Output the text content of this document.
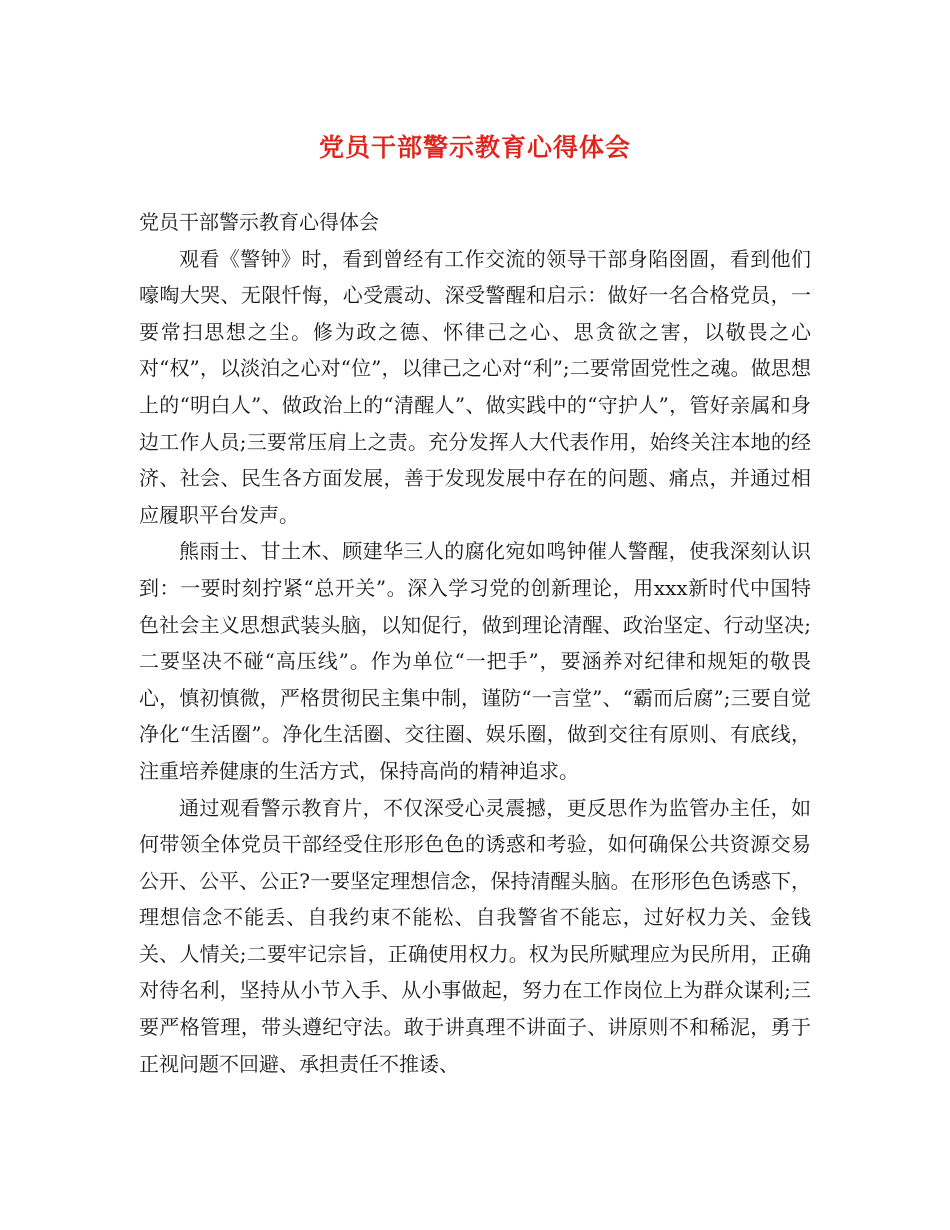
党员干部警示教育心得体会

党员干部警示教育心得体会

观看《警钟》时，看到曾经有工作交流的领导干部身陷囹圄，看到他们嚎啕大哭、无限忏悔，心受震动、深受警醒和启示：做好一名合格党员，一要常扫思想之尘。修为政之德、怀律己之心、思贪欲之害，以敬畏之心对“权”，以淡泊之心对“位”，以律己之心对“利”;二要常固党性之魂。做思想上的“明白人”、做政治上的“清醒人”、做实践中的“守护人”，管好亲属和身边工作人员;三要常压肩上之责。充分发挥人大代表作用，始终关注本地的经济、社会、民生各方面发展，善于发现发展中存在的问题、痛点，并通过相应履职平台发声。

熊雨士、甘土木、顾建华三人的腐化宛如鸣钟催人警醒，使我深刻认识到：一要时刻拧紧“总开关”。深入学习党的创新理论，用xxx新时代中国特色社会主义思想武装头脑，以知促行，做到理论清醒、政治坚定、行动坚决;二要坚决不碰“高压线”。作为单位“一把手”，要涵养对纪律和规矩的敬畏心，慎初慎微，严格贯彻民主集中制，谨防“一言堂”、“霸而后腐”;三要自觉净化“生活圈”。净化生活圈、交往圈、娱乐圈，做到交往有原则、有底线，注重培养健康的生活方式，保持高尚的精神追求。

通过观看警示教育片，不仅深受心灵震撼，更反思作为监管办主任，如何带领全体党员干部经受住形形色色的诱惑和考验，如何确保公共资源交易公开、公平、公正?一要坚定理想信念，保持清醒头脑。在形形色色诱惑下，理想信念不能丢、自我约束不能松、自我警省不能忘，过好权力关、金钱关、人情关;二要牢记宗旨，正确使用权力。权为民所赋理应为民所用，正确对待名利，坚持从小节入手、从小事做起，努力在工作岗位上为群众谋利;三要严格管理，带头遵纪守法。敢于讲真理不讲面子、讲原则不和稀泥，勇于正视问题不回避、承担责任不推诿、
